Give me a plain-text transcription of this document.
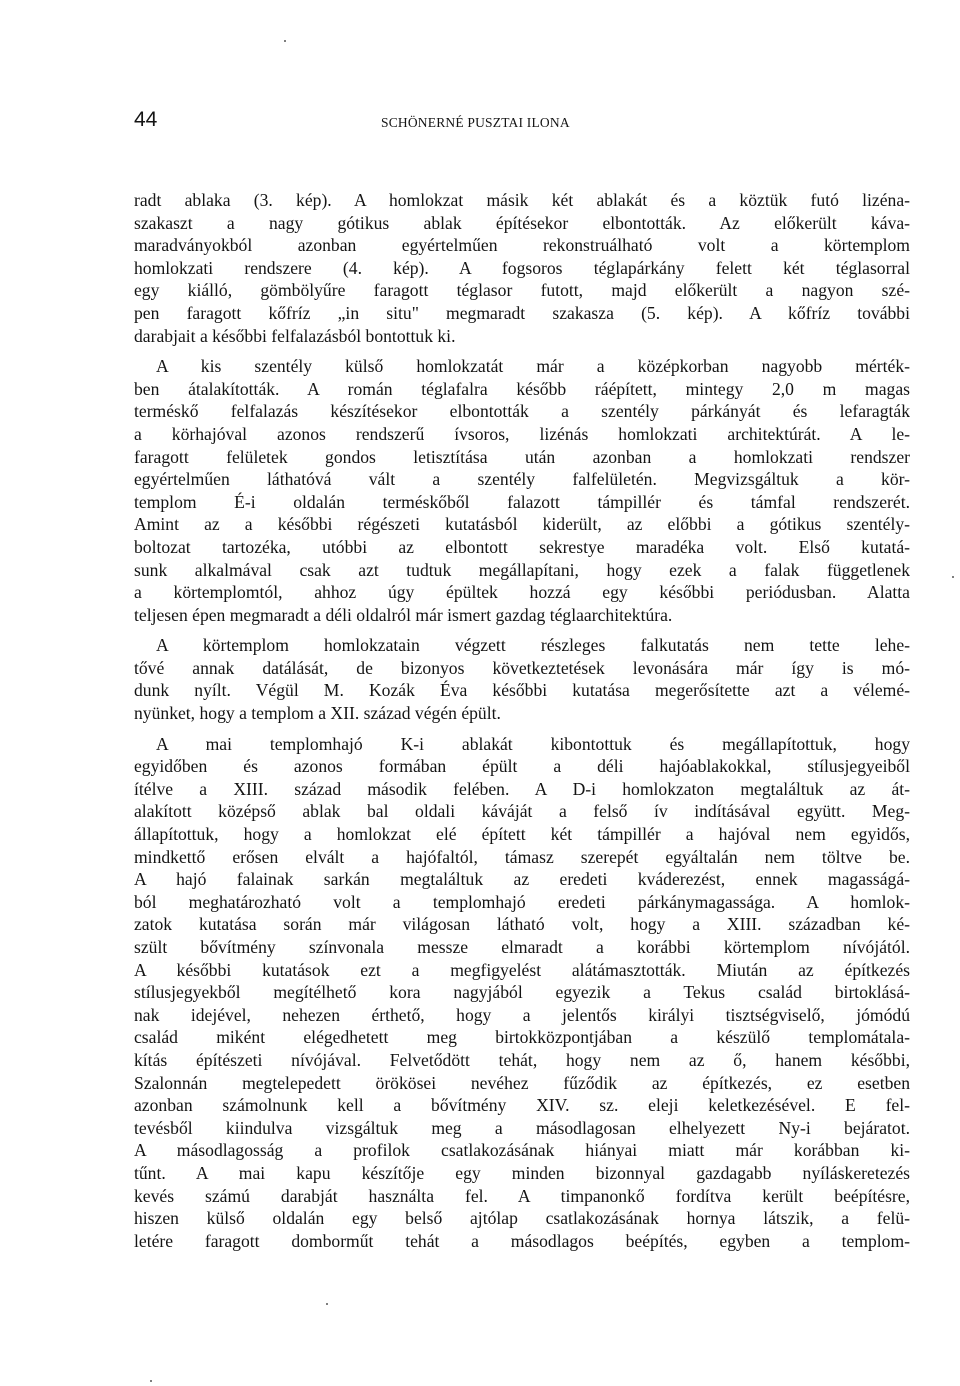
44	SCHÖNERNÉ PUSZTAI ILONA
radt ablaka (3. kép). A homlokzat másik két ablakát és a köztük futó lizéna-
szakaszt a nagy gótikus ablak építésekor elbontották. Az előkerült káva-
maradványokból azonban egyértelműen rekonstruálható volt a körtemplom
homlokzati rendszere (4. kép). A fogsoros téglapárkány felett két téglasorral
egy kiálló, gömbölyűre faragott téglasor futott, majd előkerült a nagyon szé-
pen faragott kőfríz „in situ" megmaradt szakasza (5. kép). A kőfríz további
darabjait a későbbi felfalazásból bontottuk ki.
A kis szentély külső homlokzatát már a középkorban nagyobb mérték-
ben átalakították. A román téglafalra később ráépített, mintegy 2,0 m magas
terméskő felfalazás készítésekor elbontották a szentély párkányát és lefaragták
a körhajóval azonos rendszerű ívsoros, lizénás homlokzati architektúrát. A le-
faragott felületek gondos letisztítása után azonban a homlokzati rendszer
egyértelműen láthatóvá vált a szentély falfelületén. Megvizsgáltuk a kör-
templom É-i oldalán terméskőből falazott támpillér és támfal rendszerét.
Amint az a későbbi régészeti kutatásból kiderült, az előbbi a gótikus szentély-
boltozat tartozéka, utóbbi az elbontott sekrestye maradéka volt. Első kutatá-
sunk alkalmával csak azt tudtuk megállapítani, hogy ezek a falak függetlenek
a körtemplomtól, ahhoz úgy épültek hozzá egy későbbi periódusban. Alatta
teljesen épen megmaradt a déli oldalról már ismert gazdag téglaarchitektúra.
A körtemplom homlokzatain végzett részleges falkutatás nem tette lehe-
tővé annak datálását, de bizonyos következtetések levonására már így is mó-
dunk nyílt. Végül M. Kozák Éva későbbi kutatása megerősítette azt a vélemé-
nyünket, hogy a templom a XII. század végén épült.
A mai templomhajó K-i ablakát kibontottuk és megállapítottuk, hogy
egyidőben és azonos formában épült a déli hajóablakokkal, stílusjegyeiből
ítélve a XIII. század második felében. A D-i homlokzaton megtaláltuk az át-
alakított középső ablak bal oldali káváját a felső ív indításával együtt. Meg-
állapítottuk, hogy a homlokzat elé épített két támpillér a hajóval nem egyidős,
mindkettő erősen elvált a hajófaltól, támasz szerepét egyáltalán nem töltve be.
A hajó falainak sarkán megtaláltuk az eredeti kváderezést, ennek magasságá-
ból meghatározható volt a templomhajó eredeti párkánymagassága. A homlok-
zatok kutatása során már világosan látható volt, hogy a XIII. században ké-
szült bővítmény színvonala messze elmaradt a korábbi körtemplom nívójától.
A későbbi kutatások ezt a megfigyelést alátámasztották. Miután az építkezés
stílusjegyekből megítélhető kora nagyjából egyezik a Tekus család birtoklásá-
nak idejével, nehezen érthető, hogy a jelentős királyi tisztségviselő, jómódú
család miként elégedhetett meg birtokközpontjában a készülő templomátala-
kítás építészeti nívójával. Felvetődött tehát, hogy nem az ő, hanem későbbi,
Szalonnán megtelepedett örökösei nevéhez fűződik az építkezés, ez esetben
azonban számolnunk kell a bővítmény XIV. sz. eleji keletkezésével. E fel-
tevésből kiindulva vizsgáltuk meg a másodlagosan elhelyezett Ny-i bejáratot.
A másodlagosság a profilok csatlakozásának hiányai miatt már korábban ki-
tűnt. A mai kapu készítője egy minden bizonnyal gazdagabb nyíláskeretezés
kevés számú darabját használta fel. A timpanonkő fordítva került beépítésre,
hiszen külső oldalán egy belső ajtólap csatlakozásának hornya látszik, a felü-
letére faragott domborműt tehát a másodlagos beépítés, egyben a templom-
